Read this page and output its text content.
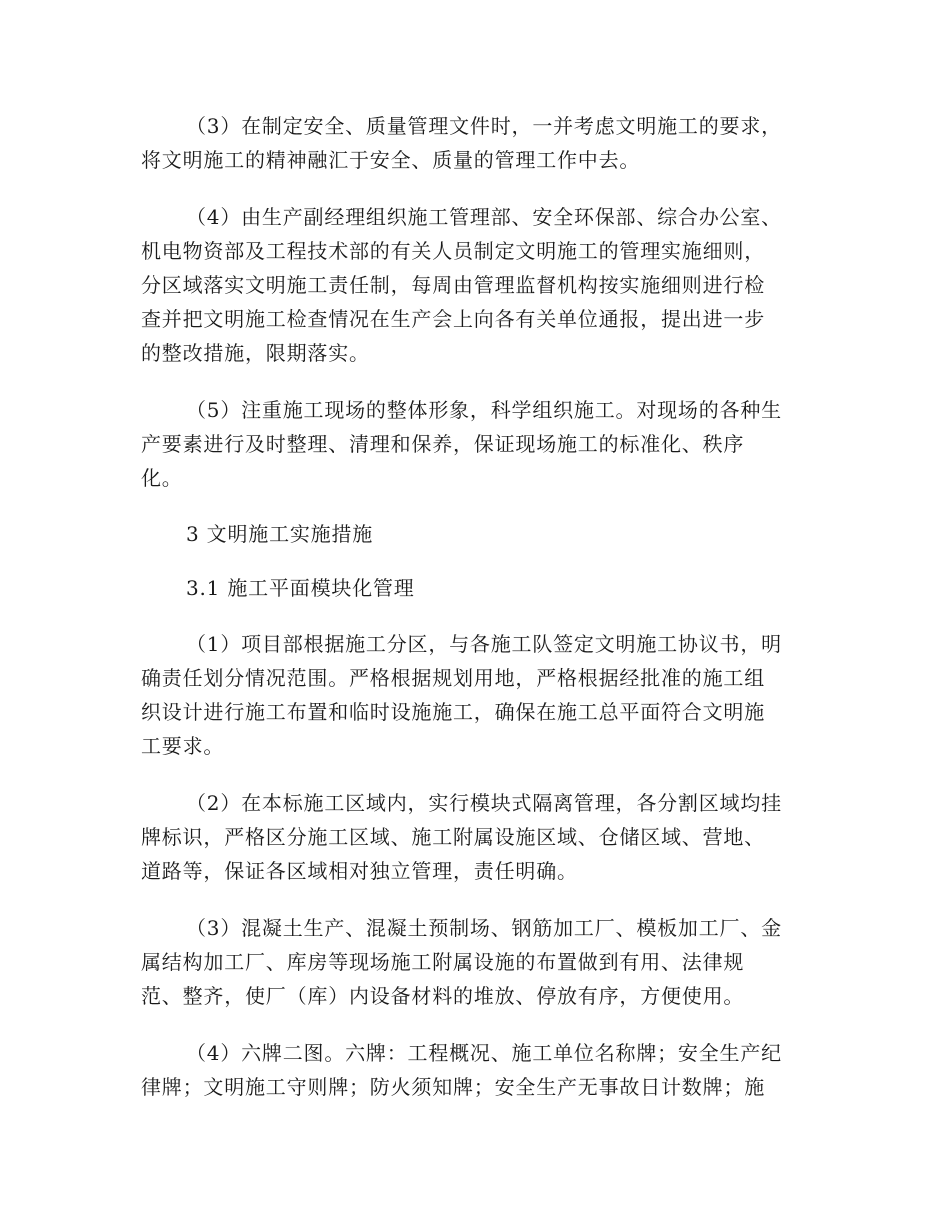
（3）在制定安全、质量管理文件时，一并考虑文明施工的要求，
将文明施工的精神融汇于安全、质量的管理工作中去。
（4）由生产副经理组织施工管理部、安全环保部、综合办公室、
机电物资部及工程技术部的有关人员制定文明施工的管理实施细则，
分区域落实文明施工责任制，每周由管理监督机构按实施细则进行检
查并把文明施工检查情况在生产会上向各有关单位通报，提出进一步
的整改措施，限期落实。
（5）注重施工现场的整体形象，科学组织施工。对现场的各种生
产要素进行及时整理、清理和保养，保证现场施工的标准化、秩序
化。
3 文明施工实施措施
3.1 施工平面模块化管理
（1）项目部根据施工分区，与各施工队签定文明施工协议书，明
确责任划分情况范围。严格根据规划用地，严格根据经批准的施工组
织设计进行施工布置和临时设施施工，确保在施工总平面符合文明施
工要求。
（2）在本标施工区域内，实行模块式隔离管理，各分割区域均挂
牌标识，严格区分施工区域、施工附属设施区域、仓储区域、营地、
道路等，保证各区域相对独立管理，责任明确。
（3）混凝土生产、混凝土预制场、钢筋加工厂、模板加工厂、金
属结构加工厂、库房等现场施工附属设施的布置做到有用、法律规
范、整齐，使厂（库）内设备材料的堆放、停放有序，方便使用。
（4）六牌二图。六牌：工程概况、施工单位名称牌；安全生产纪
律牌；文明施工守则牌；防火须知牌；安全生产无事故日计数牌；施
